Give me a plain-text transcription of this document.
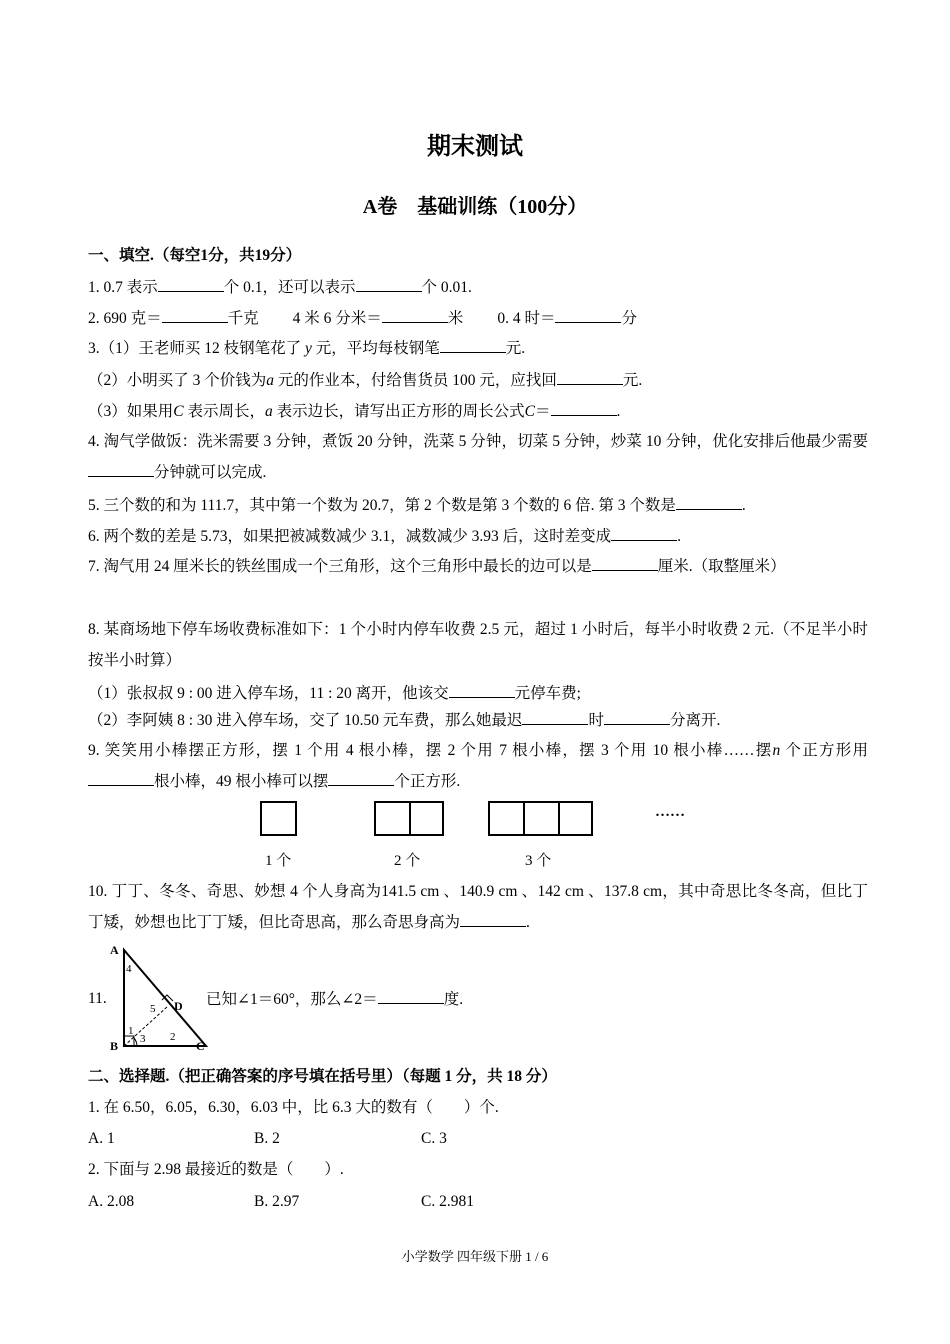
期末测试
A卷　基础训练（100分）
一、填空.（每空1分，共19分）
1. 0.7 表示	个 0.1，还可以表示	个 0.01.
2. 690 克＝	千克 4 米 6 分米＝	米 0. 4 时＝	分
3.（1）王老师买 12 枝钢笔花了 y 元，平均每枝钢笔	元.
（2）小明买了 3 个价钱为a 元的作业本，付给售货员 100 元，应找回	元.
（3）如果用C 表示周长，a 表示边长，请写出正方形的周长公式C＝	.
4. 淘气学做饭：洗米需要 3 分钟，煮饭 20 分钟，洗菜 5 分钟，切菜 5 分钟，炒菜 10 分钟，优化安排后他最少需要分钟就可以完成.
5. 三个数的和为 111.7，其中第一个数为 20.7，第 2 个数是第 3 个数的 6 倍. 第 3 个数是	.
6. 两个数的差是 5.73，如果把被减数减少 3.1，减数减少 3.93 后，这时差变成	.
7. 淘气用 24 厘米长的铁丝围成一个三角形，这个三角形中最长的边可以是	厘米.（取整厘米）
8. 某商场地下停车场收费标准如下：1 个小时内停车收费 2.5 元，超过 1 小时后，每半小时收费 2 元.（不足半小时按半小时算）
（1）张叔叔 9 : 00 进入停车场，11 : 20 离开，他该交	元停车费;
（2）李阿姨 8 : 30 进入停车场，交了 10.50 元车费，那么她最迟	时	分离开.
9. 笑笑用小棒摆正方形，摆 1 个用 4 根小棒，摆 2 个用 7 根小棒，摆 3 个用 10 根小棒……摆n 个正方形用根小棒，49 根小棒可以摆	个正方形.
……
1 个	2 个	3 个
10. 丁丁、冬冬、奇思、妙想 4 个人身高为141.5 cm 、140.9 cm 、142 cm 、137.8 cm，其中奇思比冬冬高，但比丁丁矮，妙想也比丁丁矮，但比奇思高，那么奇思身高为	.
11.
A
B	C
D
1	2
3
4
5
已知∠1＝60°，那么∠2＝	度.
二、选择题.（把正确答案的序号填在括号里）（每题 1 分，共 18 分）
1. 在 6.50，6.05，6.30，6.03 中，比 6.3 大的数有（　　）个.
A. 1	B. 2	C. 3
2. 下面与 2.98 最接近的数是（　　）.
A. 2.08	B. 2.97	C. 2.981
小学数学 四年级下册 1 / 6
